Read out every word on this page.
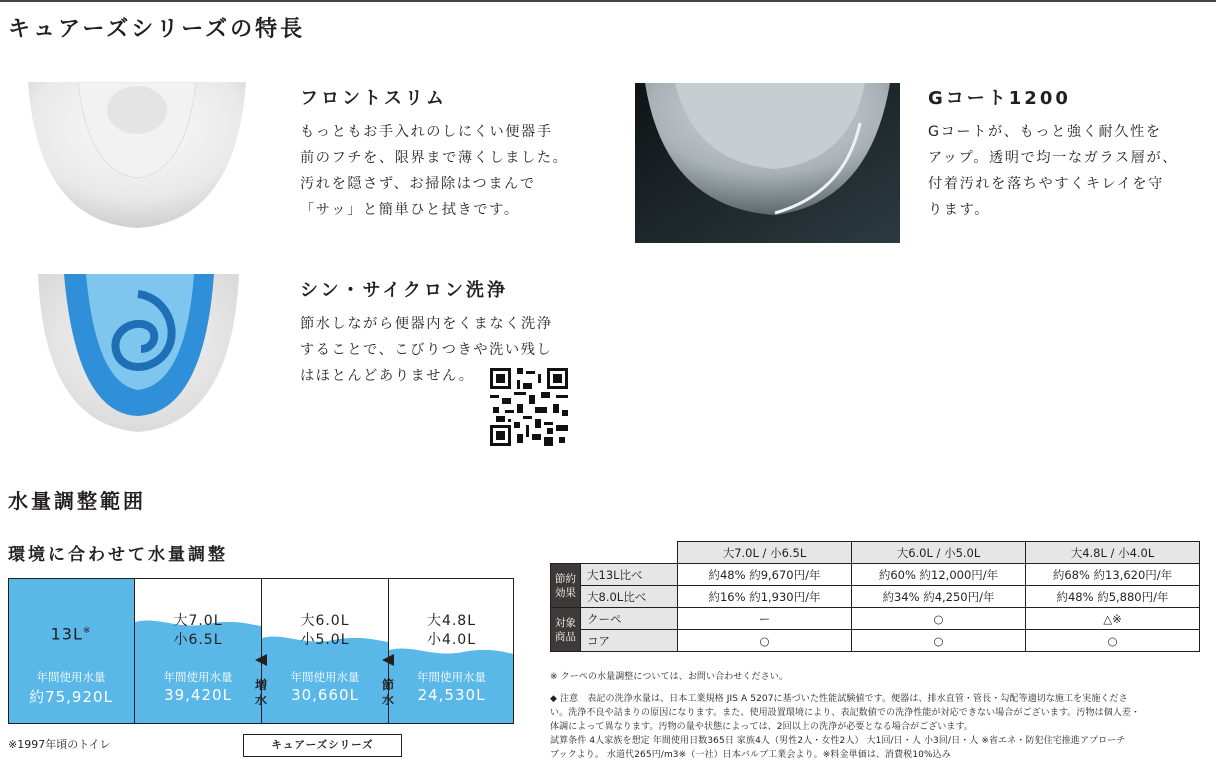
キュアーズシリーズの特長
フロントスリム
もっともお手入れのしにくい便器手
前のフチを、限界まで薄くしました。
汚れを隠さず、お掃除はつまんで
「サッ」と簡単ひと拭きです。
Gコート1200
Gコートが、もっと強く耐久性を
アップ。透明で均一なガラス層が、
付着汚れを落ちやすくキレイを守
ります。
シン・サイクロン洗浄
節水しながら便器内をくまなく洗浄
することで、こびりつきや洗い残し
はほとんどありません。
水量調整範囲
環境に合わせて水量調整
13L※
年間使用水量
約75,920L
大7.0L
小6.5L
年間使用水量
39,420L
大6.0L
小5.0L
年間使用水量
30,660L
大4.8L
小4.0L
年間使用水量
24,530L
増
水
節
水
※1997年頃のトイレ	キュアーズシリーズ
		大7.0L / 小6.5L	大6.0L / 小5.0L	大4.8L / 小4.0L

節約
効果	大13L比べ	約48% 約9,670円/年	約60% 約12,000円/年	約68% 約13,620円/年
	大8.0L比べ	約16% 約1,930円/年	約34% 約4,250円/年	約48% 約5,880円/年

対象
商品	クーペ	ー	○	△※
	コア	○	○	○
※ クーペの水量調整については、お問い合わせください。
◆ 注意　表記の洗浄水量は、日本工業規格 JIS A 5207に基づいた性能試験値です。便器は、排水直管・管長・勾配等適切な施工を実施くださ
い。洗浄不良や詰まりの原因になります。また、使用設置環境により、表記数値での洗浄性能が対応できない場合がございます。汚物は個人差・
体調によって異なります。汚物の量や状態によっては、2回以上の洗浄が必要となる場合がございます。
試算条件 4人家族を想定 年間使用日数365日 家族4人（男性2人・女性2人） 大1回/日・人 小3回/日・人 ※省エネ・防犯住宅推進アプローチ
ブックより。 水道代265円/m3※（一社）日本バルブ工業会より。※料金単価は、消費税10%込み
